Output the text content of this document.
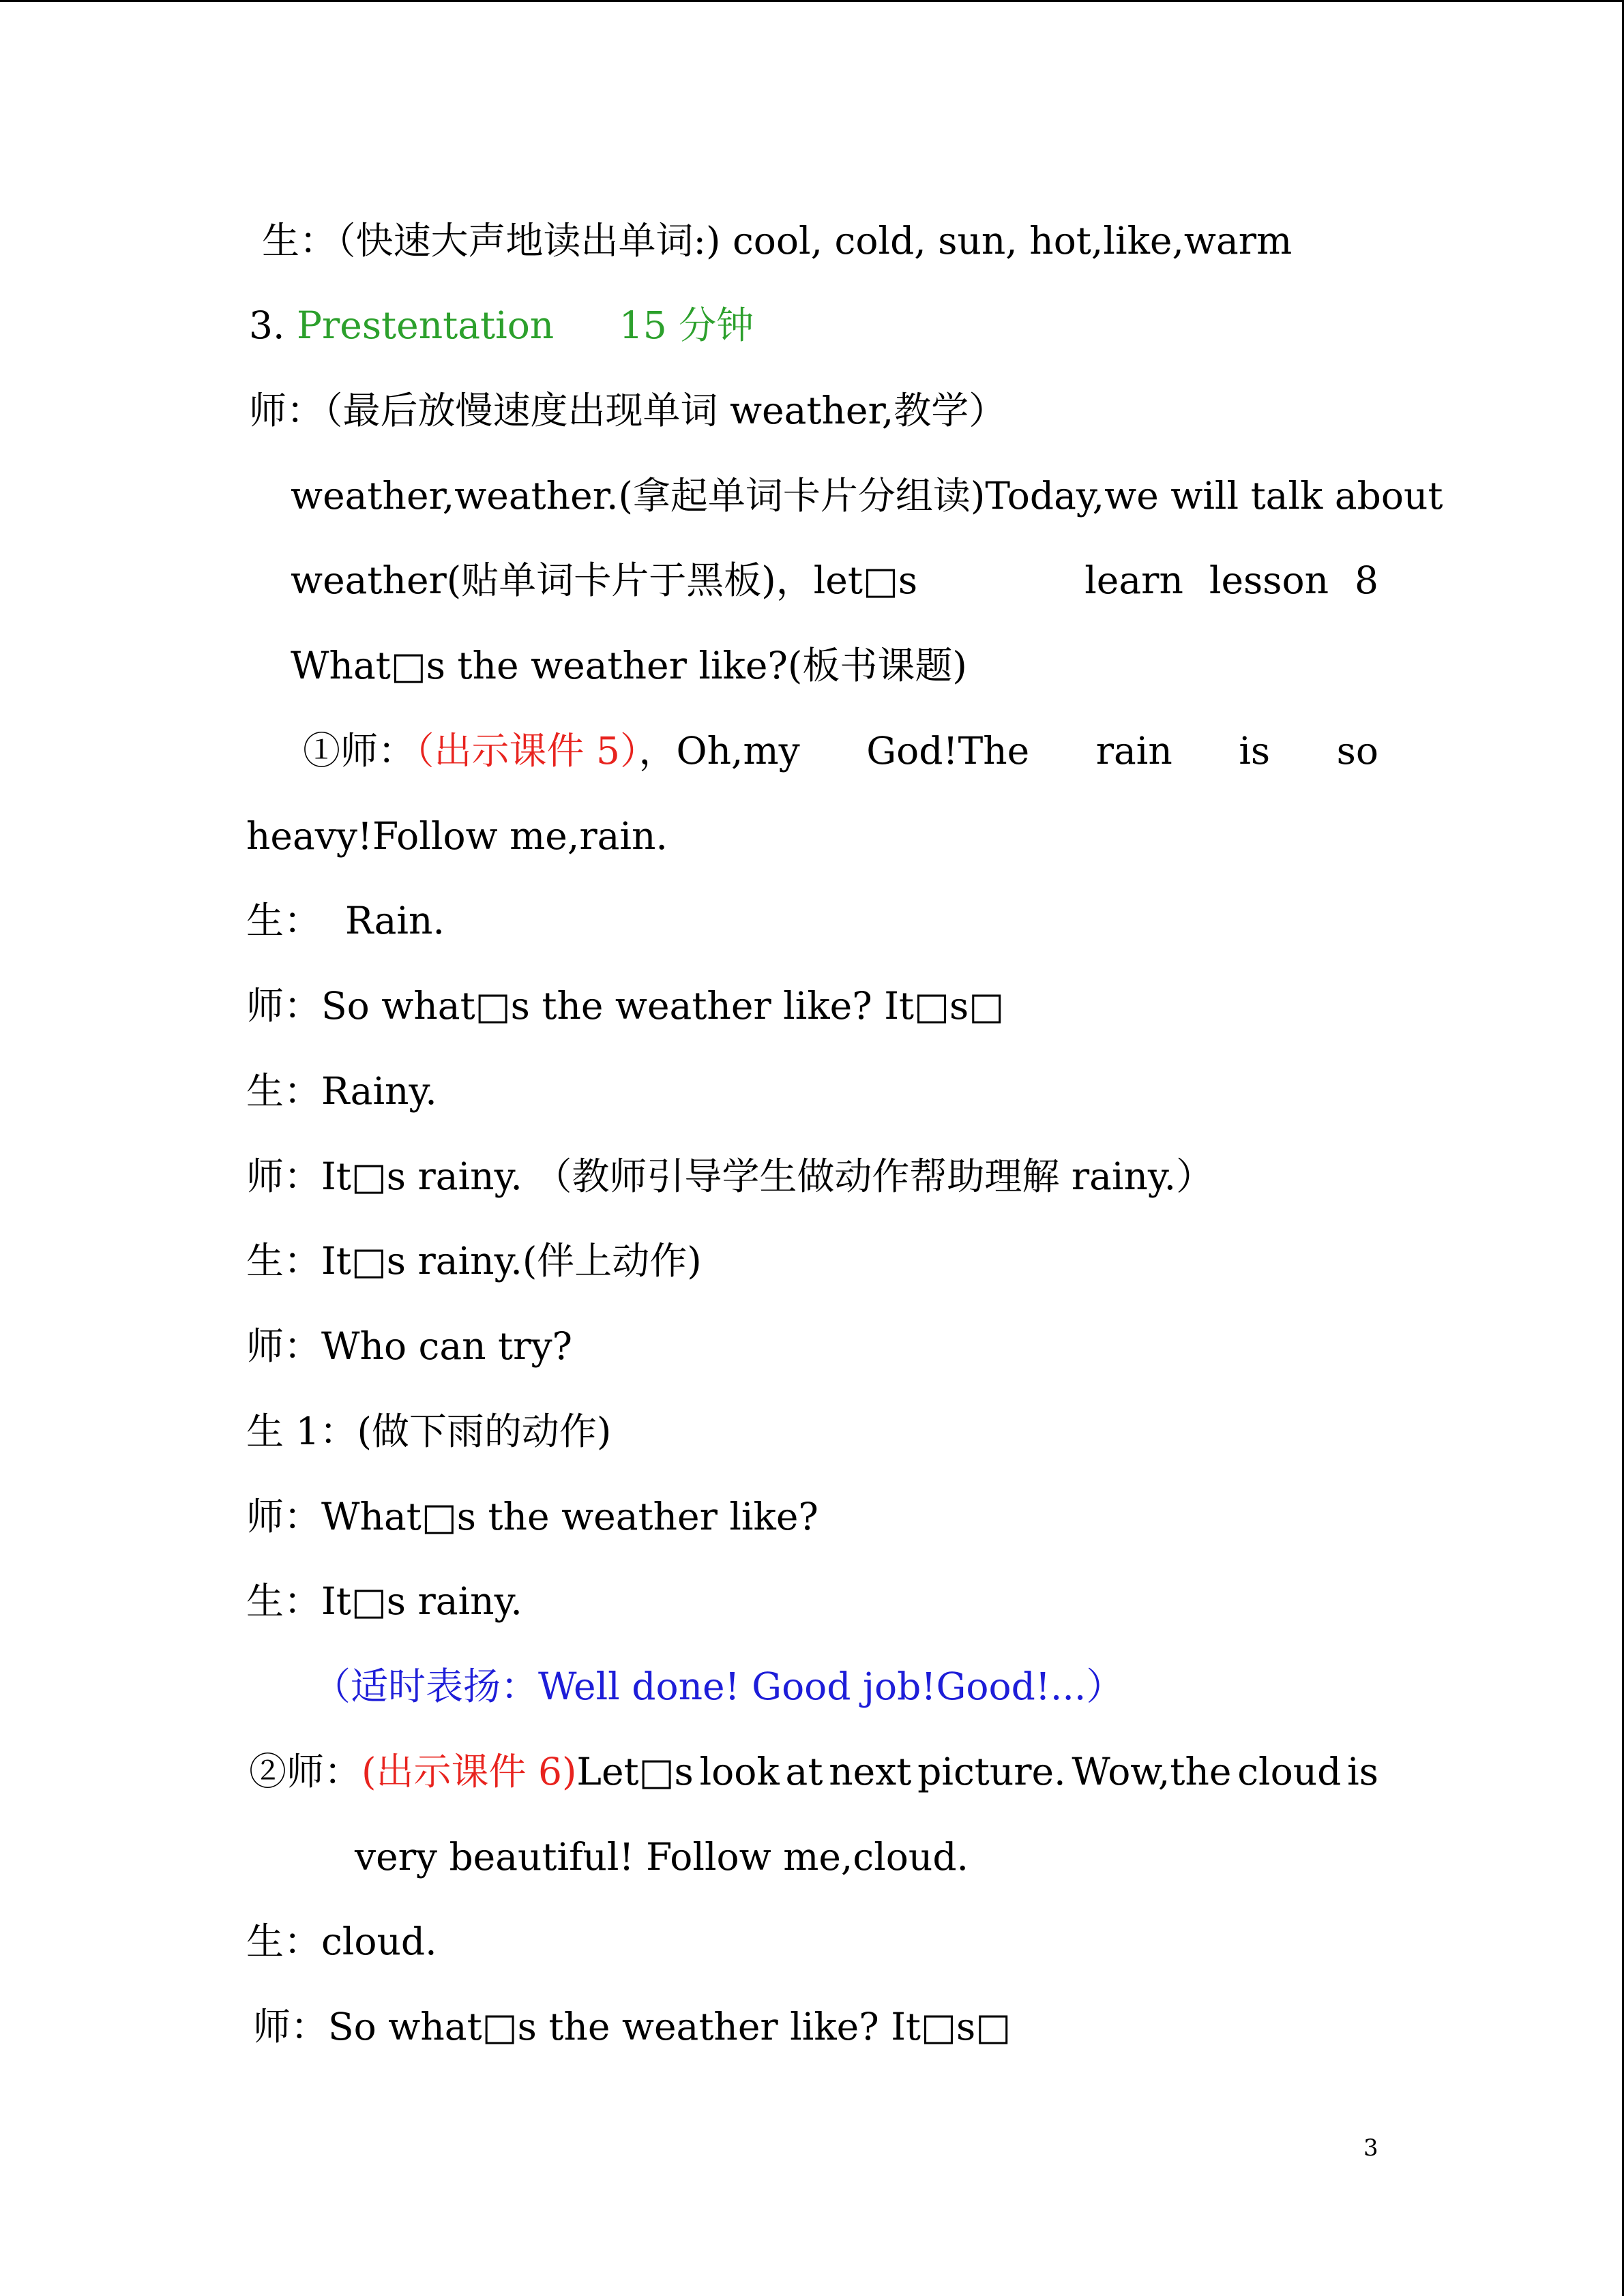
生：（快速大声地读出单词:) cool, cold, sun, hot,like,warm

3. Prestentation 15 分钟

师：（最后放慢速度出现单词 weather,教学）

weather,weather.(拿起单词卡片分组读)Today,we will talk about

weather(贴单词卡片于黑板)，let□s	learn lesson 8

What□s the weather like?(板书课题)

①师：（出示课件 5），Oh,my God!The rain is so

heavy!Follow me,rain.

生：  Rain.

师：So what□s the weather like? It□s□

生：Rainy.

师：It□s rainy. （教师引导学生做动作帮助理解 rainy.）

生：It□s rainy.(伴上动作)

师：Who can try?

生 1：(做下雨的动作)

师：What□s the weather like?

生：It□s rainy.

（适时表扬：Well done! Good job!Good!...）

②师：(出示课件 6)Let□s look at next picture. Wow,the cloud is

very beautiful! Follow me,cloud.

生：cloud.

师：So what□s the weather like? It□s□

3
